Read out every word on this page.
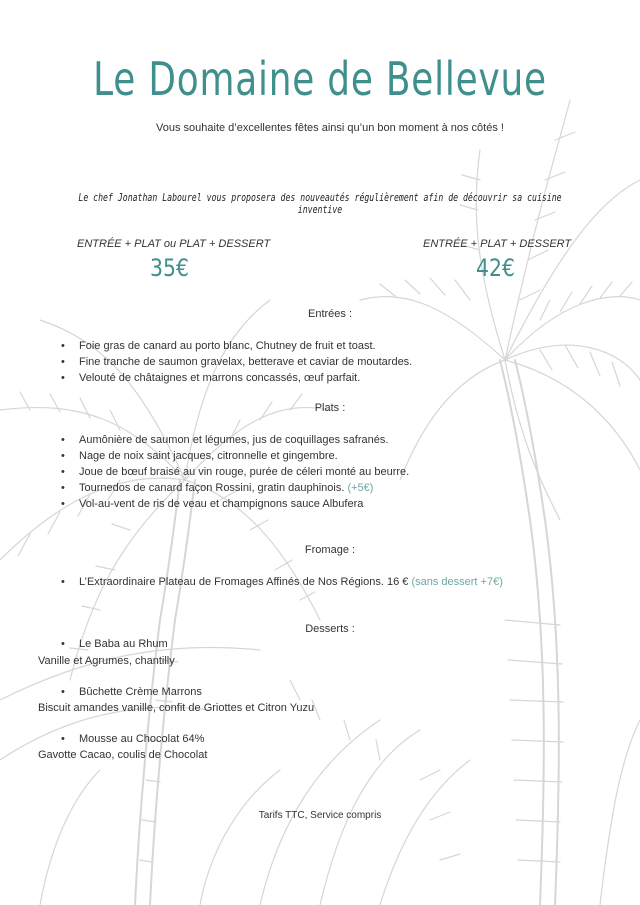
Le Domaine de Bellevue
Vous souhaite d’excellentes fêtes ainsi qu’un bon moment à nos côtés !
Le chef Jonathan Labourel vous proposera des nouveautés régulièrement afin de découvrir sa cuisine inventive
ENTRÉE + PLAT ou PLAT + DESSERT
35€
ENTRÉE + PLAT + DESSERT
42€
Entrées :
• Foie gras de canard au porto blanc, Chutney de fruit et toast.
• Fine tranche de saumon gravelax, betterave et caviar de moutardes.
• Velouté de châtaignes et marrons concassés, œuf parfait.
Plats :
• Aumônière de saumon et légumes, jus de coquillages safranés.
• Nage de noix saint jacques, citronnelle et gingembre.
• Joue de bœuf braisé au vin rouge, purée de céleri monté au beurre.
• Tournedos de canard façon Rossini, gratin dauphinois. (+5€)
• Vol-au-vent de ris de veau et champignons sauce Albufera
Fromage :
• L’Extraordinaire Plateau de Fromages Affinés de Nos Régions. 16 € (sans dessert +7€)
Desserts :
• Le Baba au Rhum
Vanille et Agrumes, chantilly
• Bûchette Crème Marrons
Biscuit amandes vanille, confit de Griottes et Citron Yuzu
• Mousse au Chocolat 64%
Gavotte Cacao, coulis de Chocolat
Tarifs TTC, Service compris
